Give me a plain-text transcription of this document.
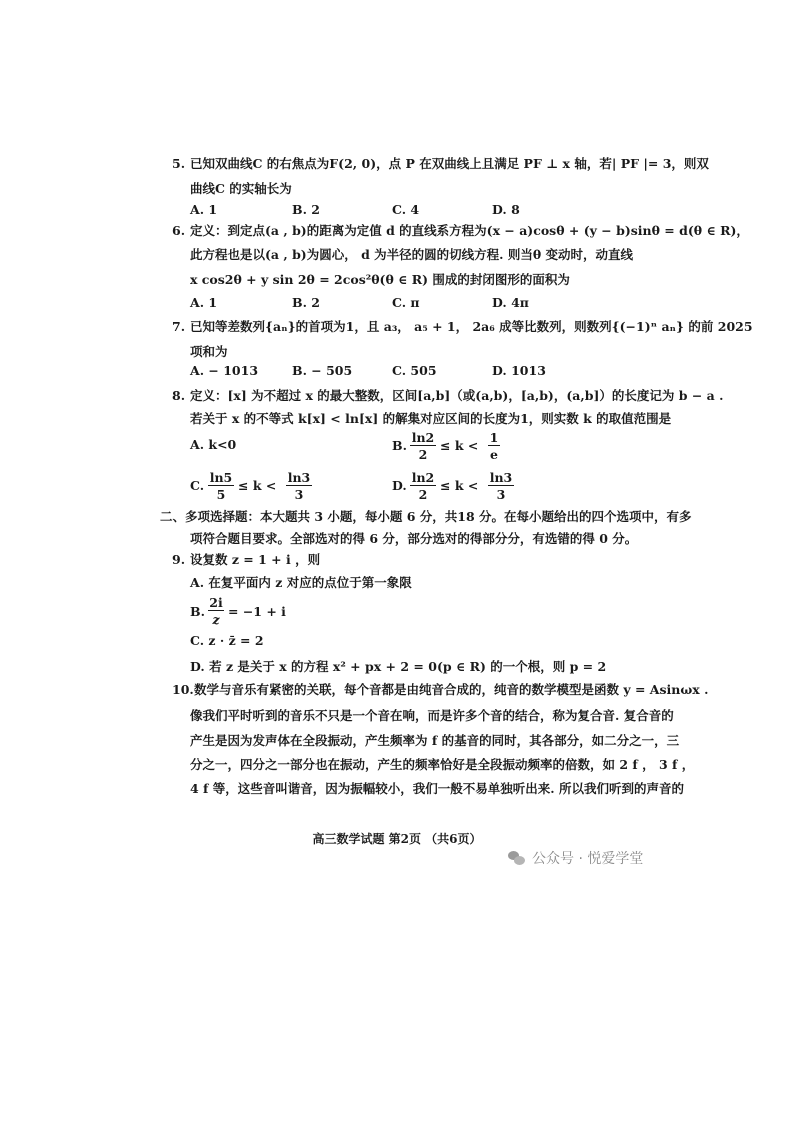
5. 已知双曲线C 的右焦点为F(2, 0)，点 P 在双曲线上且满足 PF ⊥ x 轴，若| PF |= 3，则双
曲线C 的实轴长为
A. 1	B. 2	C. 4	D. 8
6. 定义：到定点(a , b)的距离为定值 d 的直线系方程为(x − a)cosθ + (y − b)sinθ = d(θ ∈ R)，
此方程也是以(a , b)为圆心， d 为半径的圆的切线方程. 则当θ 变动时，动直线
x cos2θ + y sin 2θ = 2cos²θ(θ ∈ R) 围成的封闭图形的面积为
A. 1	B. 2	C. π	D. 4π
7. 已知等差数列{aₙ}的首项为1，且 a₃， a₅ + 1， 2a₆ 成等比数列，则数列{(−1)ⁿ aₙ} 的前 2025
项和为
A. − 1013	B. − 505	C. 505	D. 1013
8. 定义：[x] 为不超过 x 的最大整数，区间[a,b]（或(a,b)，[a,b)，(a,b]）的长度记为 b − a .
若关于 x 的不等式 k[x] < ln[x] 的解集对应区间的长度为1，则实数 k 的取值范围是
A. k<0	B.
ln2
2
≤ k <
1
e
C.
ln5
5
≤ k <
ln3
3
D.
ln2
2
≤ k <
ln3
3
二、多项选择题：本大题共 3 小题，每小题 6 分，共18 分。在每小题给出的四个选项中，有多
项符合题目要求。全部选对的得 6 分，部分选对的得部分分，有选错的得 0 分。
9. 设复数 z = 1 + i ，则
A. 在复平面内 z 对应的点位于第一象限
B.
2i
z
= −1 + i
C. z · z̄ = 2
D. 若 z 是关于 x 的方程 x² + px + 2 = 0(p ∈ R) 的一个根，则 p = 2
10. 数学与音乐有紧密的关联，每个音都是由纯音合成的，纯音的数学模型是函数 y = Asinωx .
像我们平时听到的音乐不只是一个音在响，而是许多个音的结合，称为复合音. 复合音的
产生是因为发声体在全段振动，产生频率为 f 的基音的同时，其各部分，如二分之一，三
分之一，四分之一部分也在振动，产生的频率恰好是全段振动频率的倍数，如 2 f ， 3 f ，
4 f 等，这些音叫谐音，因为振幅较小，我们一般不易单独听出来. 所以我们听到的声音的
高三数学试题 第2页 （共6页）
公众号 · 悦爱学堂
